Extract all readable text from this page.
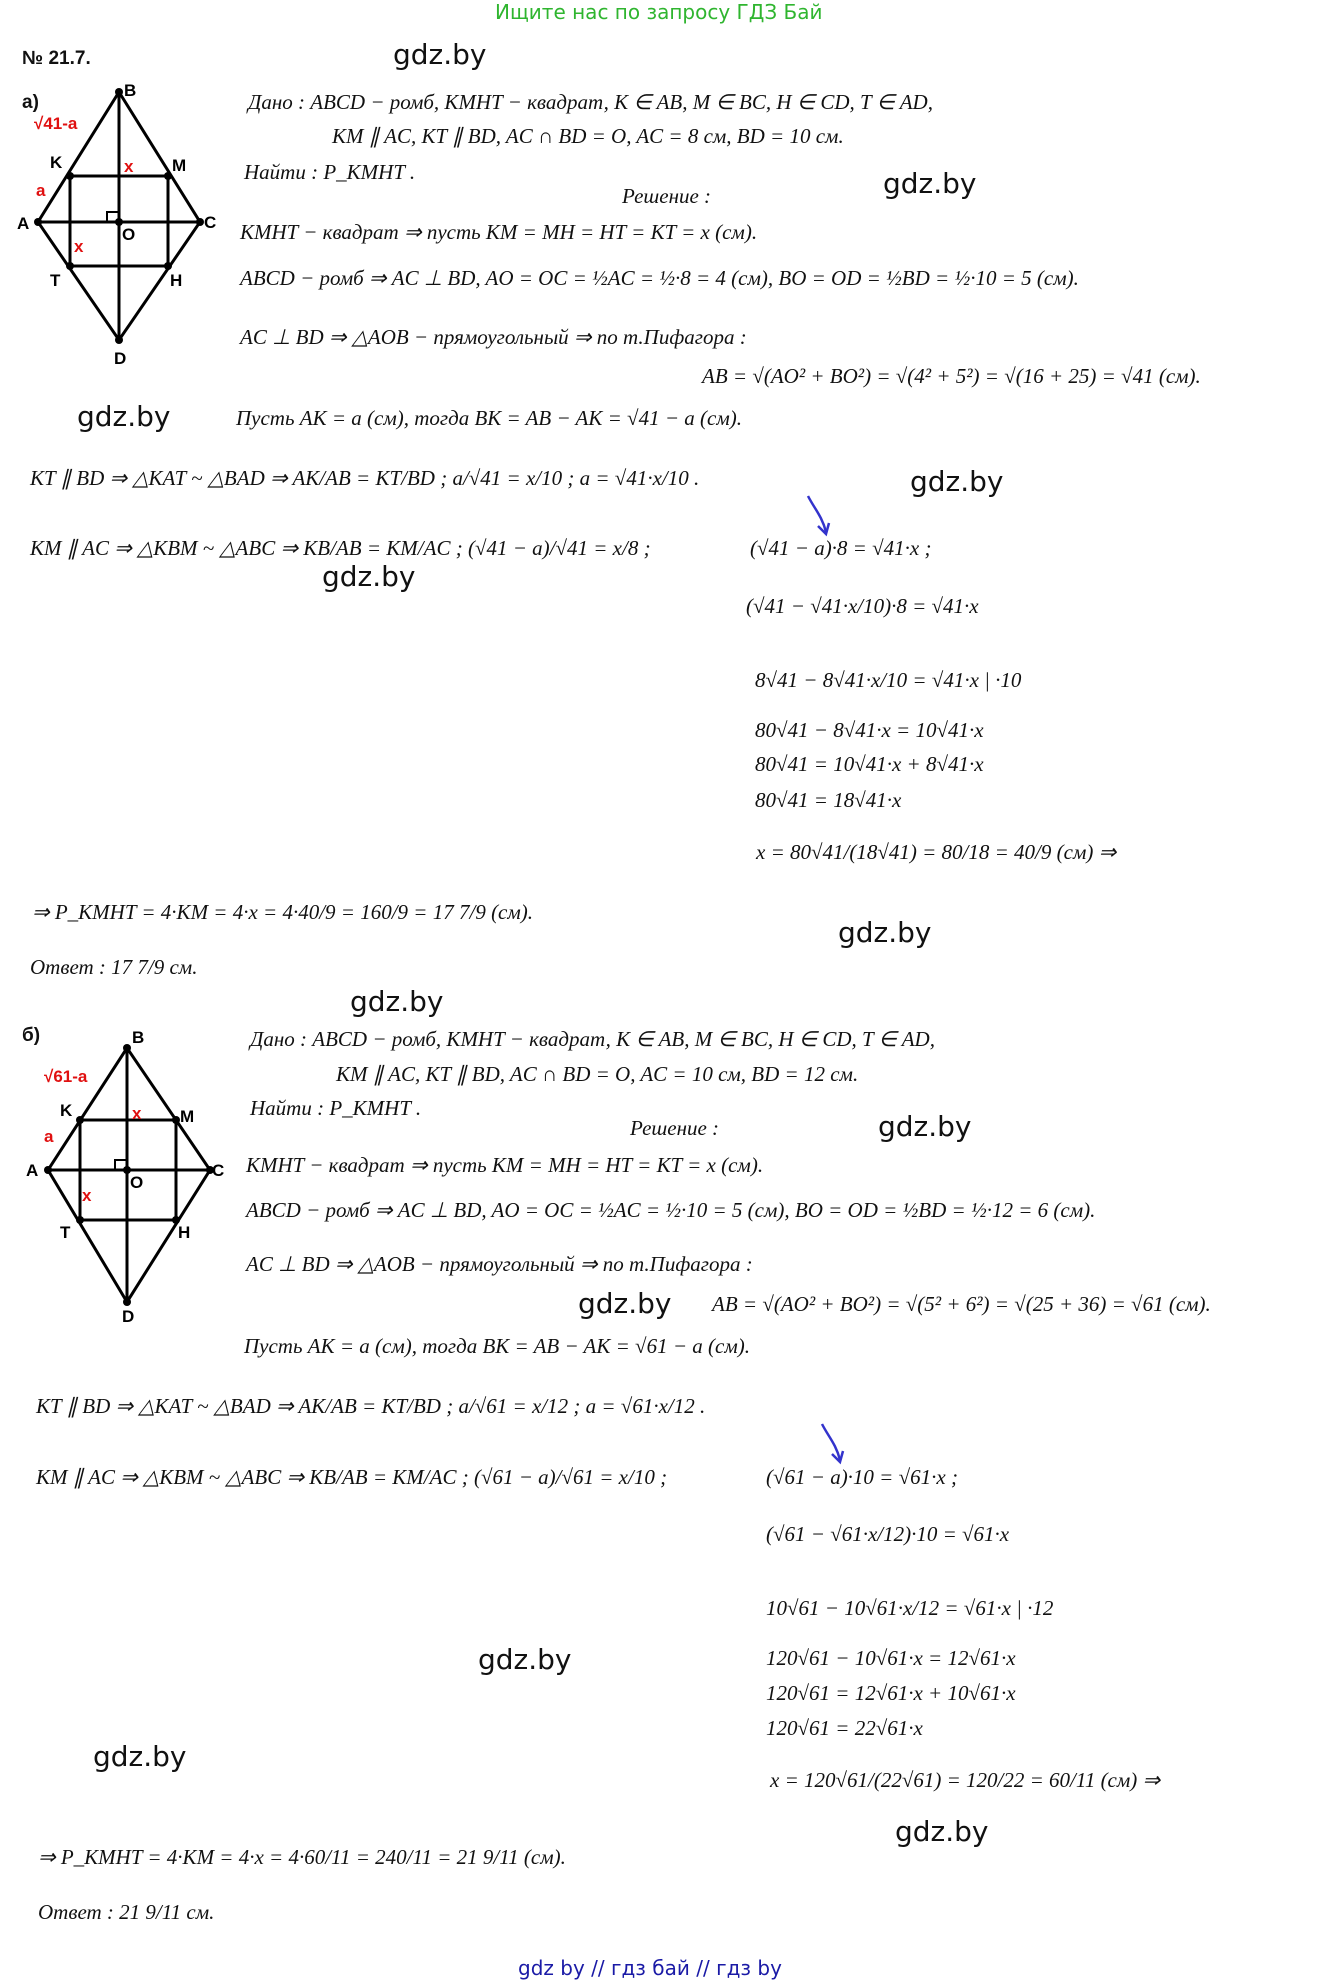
Ищите нас по запросу ГДЗ Бай
№ 21.7.	gdz.by
gdz.by
gdz.by
gdz.by
gdz.by
gdz.by
gdz.by
gdz.by
gdz.by
gdz.by
gdz.by
gdz.by
а)
B
K	M
A	C
O
T	H
D
a
x
x
√41-a
Дано : ABCD − ромб, KMHT − квадрат, K ∈ AB, M ∈ BC, H ∈ CD, T ∈ AD,
KM ∥ AC, KT ∥ BD, AC ∩ BD = O, AC = 8 см, BD = 10 см.
Найти : P_KMHT .
Решение :
KMHT − квадрат ⇒ пусть KM = MH = HT = KT = x (см).
ABCD − ромб ⇒ AC ⊥ BD, AO = OC = ½AC = ½·8 = 4 (см), BO = OD = ½BD = ½·10 = 5 (см).
AC ⊥ BD ⇒ △AOB − прямоугольный ⇒ по т.Пифагора :
AB = √(AO² + BO²) = √(4² + 5²) = √(16 + 25) = √41 (см).
Пусть AK = a (см), тогда BK = AB − AK = √41 − a (см).
KT ∥ BD ⇒ △KAT ~ △BAD ⇒ AK/AB = KT/BD ; a/√41 = x/10 ; a = √41·x/10 .
KM ∥ AC ⇒ △KBM ~ △ABC ⇒ KB/AB = KM/AC ; (√41 − a)/√41 = x/8 ;	(√41 − a)·8 = √41·x ;
(√41 − √41·x/10)·8 = √41·x
8√41 − 8√41·x/10 = √41·x | ·10
80√41 − 8√41·x = 10√41·x
80√41 = 10√41·x + 8√41·x
80√41 = 18√41·x
x = 80√41/(18√41) = 80/18 = 40/9 (см) ⇒
⇒ P_KMHT = 4·KM = 4·x = 4·40/9 = 160/9 = 17 7/9 (см).
Ответ : 17 7/9 см.
б)	B
K	M
A	C
O
T	H
D
a
x
x
√61-a
Дано : ABCD − ромб, KMHT − квадрат, K ∈ AB, M ∈ BC, H ∈ CD, T ∈ AD,
KM ∥ AC, KT ∥ BD, AC ∩ BD = O, AC = 10 см, BD = 12 см.
Найти : P_KMHT .
Решение :
KMHT − квадрат ⇒ пусть KM = MH = HT = KT = x (см).
ABCD − ромб ⇒ AC ⊥ BD, AO = OC = ½AC = ½·10 = 5 (см), BO = OD = ½BD = ½·12 = 6 (см).
AC ⊥ BD ⇒ △AOB − прямоугольный ⇒ по т.Пифагора :
AB = √(AO² + BO²) = √(5² + 6²) = √(25 + 36) = √61 (см).
Пусть AK = a (см), тогда BK = AB − AK = √61 − a (см).
KT ∥ BD ⇒ △KAT ~ △BAD ⇒ AK/AB = KT/BD ; a/√61 = x/12 ; a = √61·x/12 .
KM ∥ AC ⇒ △KBM ~ △ABC ⇒ KB/AB = KM/AC ; (√61 − a)/√61 = x/10 ;	(√61 − a)·10 = √61·x ;
(√61 − √61·x/12)·10 = √61·x
10√61 − 10√61·x/12 = √61·x | ·12
120√61 − 10√61·x = 12√61·x
120√61 = 12√61·x + 10√61·x
120√61 = 22√61·x
x = 120√61/(22√61) = 120/22 = 60/11 (см) ⇒
⇒ P_KMHT = 4·KM = 4·x = 4·60/11 = 240/11 = 21 9/11 (см).
Ответ : 21 9/11 см.
gdz by // гдз бай // гдз by
